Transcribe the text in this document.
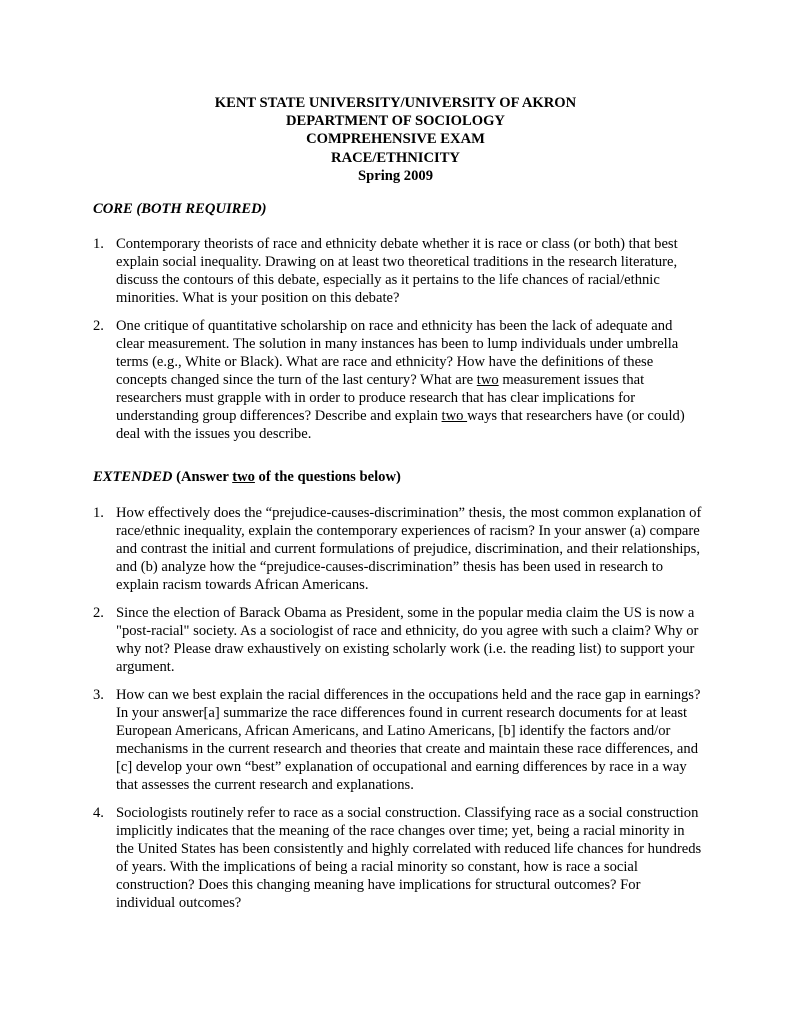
KENT STATE UNIVERSITY/UNIVERSITY OF AKRON
DEPARTMENT OF SOCIOLOGY
COMPREHENSIVE EXAM
RACE/ETHNICITY
Spring 2009
CORE (BOTH REQUIRED)
1. Contemporary theorists of race and ethnicity debate whether it is race or class (or both) that best explain social inequality. Drawing on at least two theoretical traditions in the research literature, discuss the contours of this debate, especially as it pertains to the life chances of racial/ethnic minorities. What is your position on this debate?
2. One critique of quantitative scholarship on race and ethnicity has been the lack of adequate and clear measurement. The solution in many instances has been to lump individuals under umbrella terms (e.g., White or Black). What are race and ethnicity? How have the definitions of these concepts changed since the turn of the last century? What are two measurement issues that researchers must grapple with in order to produce research that has clear implications for understanding group differences? Describe and explain two ways that researchers have (or could) deal with the issues you describe.
EXTENDED (Answer two of the questions below)
1. How effectively does the “prejudice-causes-discrimination” thesis, the most common explanation of race/ethnic inequality, explain the contemporary experiences of racism? In your answer (a) compare and contrast the initial and current formulations of prejudice, discrimination, and their relationships, and (b) analyze how the “prejudice-causes-discrimination” thesis has been used in research to explain racism towards African Americans.
2. Since the election of Barack Obama as President, some in the popular media claim the US is now a "post-racial" society. As a sociologist of race and ethnicity, do you agree with such a claim? Why or why not? Please draw exhaustively on existing scholarly work (i.e. the reading list) to support your argument.
3. How can we best explain the racial differences in the occupations held and the race gap in earnings? In your answer[a] summarize the race differences found in current research documents for at least European Americans, African Americans, and Latino Americans, [b] identify the factors and/or mechanisms in the current research and theories that create and maintain these race differences, and [c] develop your own “best” explanation of occupational and earning differences by race in a way that assesses the current research and explanations.
4. Sociologists routinely refer to race as a social construction. Classifying race as a social construction implicitly indicates that the meaning of the race changes over time; yet, being a racial minority in the United States has been consistently and highly correlated with reduced life chances for hundreds of years. With the implications of being a racial minority so constant, how is race a social construction? Does this changing meaning have implications for structural outcomes? For individual outcomes?
